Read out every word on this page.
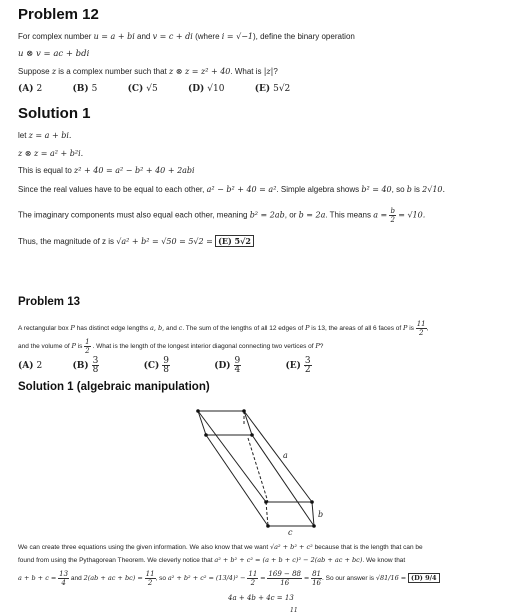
Problem 12
For complex number u = a + bi and v = c + di (where i = √−1), define the binary operation
u ⊗ v = ac + bdi
Suppose z is a complex number such that z ⊗ z = z² + 40. What is |z|?
(A) 2	(B) 5	(C) √5	(D) √10	(E) 5√2
Solution 1
let z = a + bi.
z ⊗ z = a² + b²i.
This is equal to z² + 40 = a² − b² + 40 + 2abi
Since the real values have to be equal to each other, a² − b² + 40 = a². Simple algebra shows b² = 40, so b is 2√10.
The imaginary components must also equal each other, meaning b² = 2ab, or b = 2a. This means $a = \frac{b}{2} = √10$.
Thus, the magnitude of z is √a² + b² = √50 = 5√2 = (E) 5√2
Problem 13
A rectangular box P has distinct edge lengths a, b, and c. The sum of the lengths of all 12 edges of P is 13, the areas of all 6 faces of P is $\frac{11}{2}$ ,
and the volume of P is $\frac{1}{2}$ . What is the length of the longest interior diagonal connecting two vertices of P?
(A) 2	$(B) \frac{3}{8}$	$(C) \frac{9}{8}$	$(D) \frac{9}{4}$	$(E) \frac{3}{2}$
Solution 1 (algebraic manipulation)
a
b
c
We can create three equations using the given information. We also know that we want √a² + b² + c² because that is the length that can be
found from using the Pythagorean Theorem. We cleverly notice that a² + b² + c² = (a + b + c)² − 2(ab + ac + bc). We know that
$a + b + c = \frac{13}{4}$ and 2(ab + ac + $bc) = \frac{11}{2}$ , so $a^2 + b^2 + c^2 = (13/4)^2 - \frac{11}{2} = \frac{169 - 88}{16} = \frac{81}{16}$ . So our answer is √81/16 = (D) 9/4
4a + 4b + 4c = 13
11
